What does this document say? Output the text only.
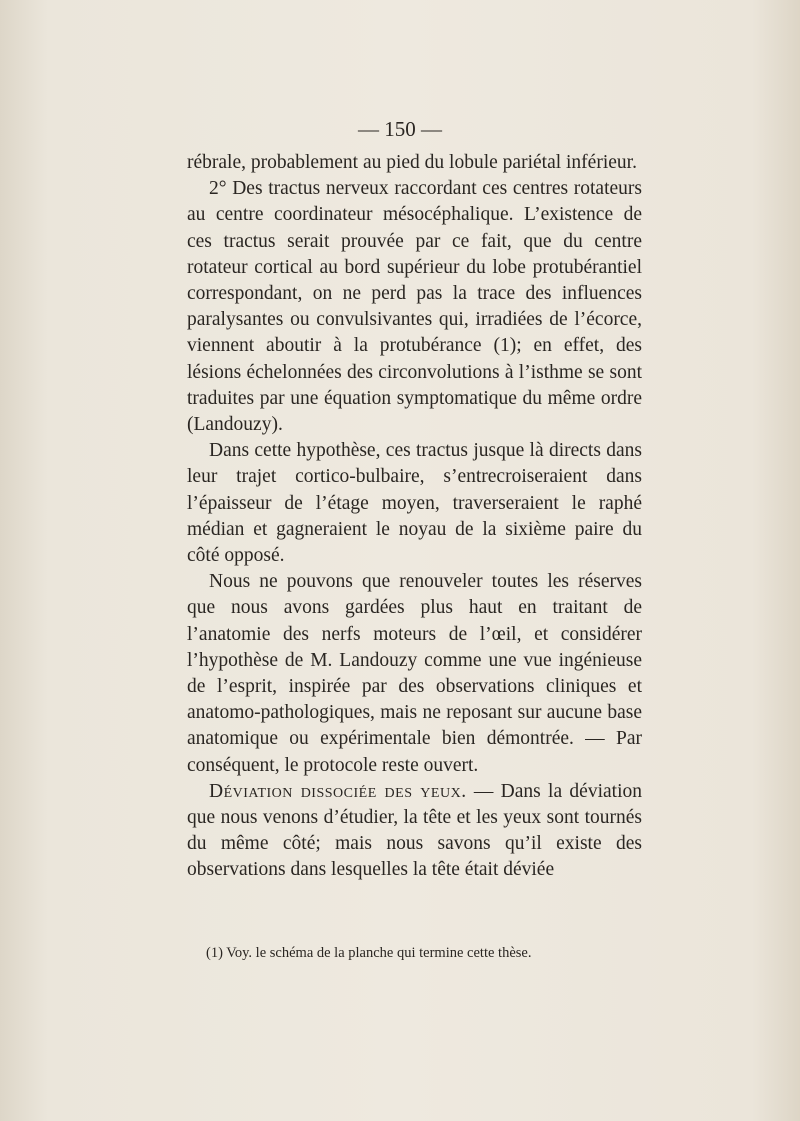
— 150 —

rébrale, probablement au pied du lobule pariétal inférieur.

2° Des tractus nerveux raccordant ces centres rotateurs au centre coordinateur mésocéphalique. L’existence de ces tractus serait prouvée par ce fait, que du centre rotateur cortical au bord supérieur du lobe protubérantiel correspondant, on ne perd pas la trace des influences paralysantes ou convulsivantes qui, irradiées de l’écorce, viennent aboutir à la protubérance (1); en effet, des lésions échelonnées des circonvolutions à l’isthme se sont traduites par une équation symptomatique du même ordre (Landouzy).

Dans cette hypothèse, ces tractus jusque là directs dans leur trajet cortico-bulbaire, s’entrecroiseraient dans l’épaisseur de l’étage moyen, traverseraient le raphé médian et gagneraient le noyau de la sixième paire du côté opposé.

Nous ne pouvons que renouveler toutes les réserves que nous avons gardées plus haut en traitant de l’anatomie des nerfs moteurs de l’œil, et considérer l’hypothèse de M. Landouzy comme une vue ingénieuse de l’esprit, inspirée par des observations cliniques et anatomo-pathologiques, mais ne reposant sur aucune base anatomique ou expérimentale bien démontrée. — Par conséquent, le protocole reste ouvert.

Déviation dissociée des yeux. — Dans la déviation que nous venons d’étudier, la tête et les yeux sont tournés du même côté; mais nous savons qu’il existe des observations dans lesquelles la tête était déviée

(1) Voy. le schéma de la planche qui termine cette thèse.
